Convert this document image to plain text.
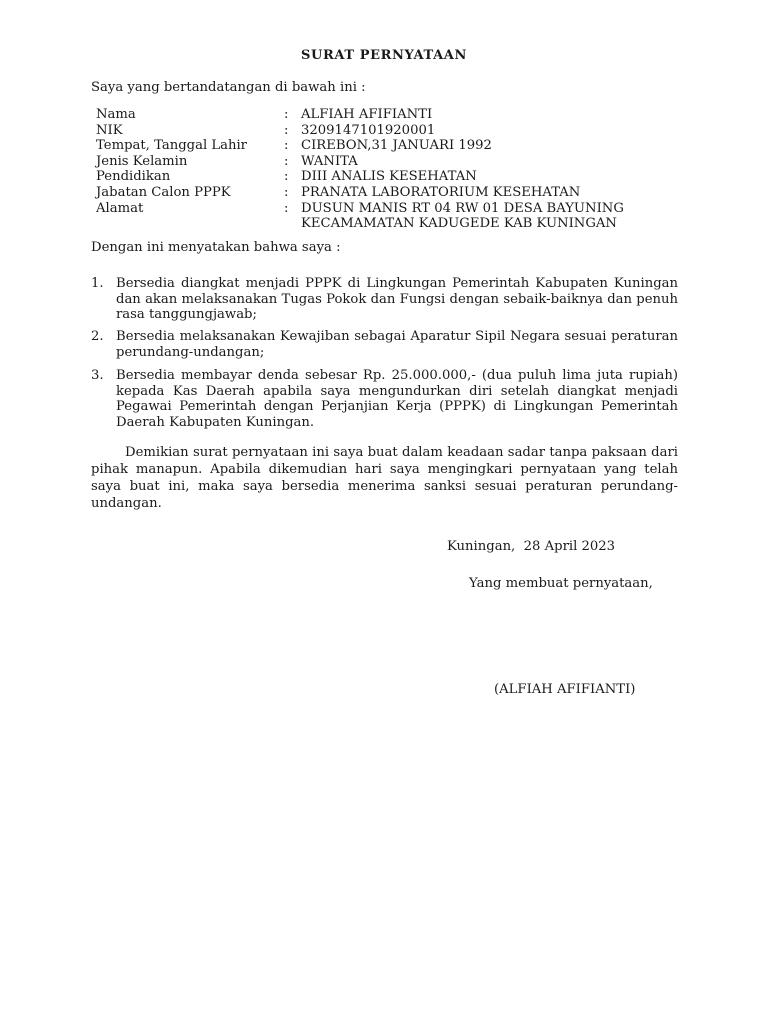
SURAT PERNYATAAN
Saya yang bertandatangan di bawah ini :
Nama	: ALFIAH AFIFIANTI
NIK	: 3209147101920001
Tempat, Tanggal Lahir	: CIREBON,31 JANUARI 1992
Jenis Kelamin	: WANITA
Pendidikan	: DIII ANALIS KESEHATAN
Jabatan Calon PPPK	: PRANATA LABORATORIUM KESEHATAN
Alamat	: DUSUN MANIS RT 04 RW 01 DESA BAYUNING KECAMAMATAN KADUGEDE KAB KUNINGAN
Dengan ini menyatakan bahwa saya :
1. Bersedia diangkat menjadi PPPK di Lingkungan Pemerintah Kabupaten Kuningan dan akan melaksanakan Tugas Pokok dan Fungsi dengan sebaik-baiknya dan penuh rasa tanggungjawab;
2. Bersedia melaksanakan Kewajiban sebagai Aparatur Sipil Negara sesuai peraturan perundang-undangan;
3. Bersedia membayar denda sebesar Rp. 25.000.000,- (dua puluh lima juta rupiah) kepada Kas Daerah apabila saya mengundurkan diri setelah diangkat menjadi Pegawai Pemerintah dengan Perjanjian Kerja (PPPK) di Lingkungan Pemerintah Daerah Kabupaten Kuningan.
Demikian surat pernyataan ini saya buat dalam keadaan sadar tanpa paksaan dari pihak manapun. Apabila dikemudian hari saya mengingkari pernyataan yang telah saya buat ini, maka saya bersedia menerima sanksi sesuai peraturan perundang-undangan.
Kuningan,  28 April 2023
Yang membuat pernyataan,
(ALFIAH AFIFIANTI)
